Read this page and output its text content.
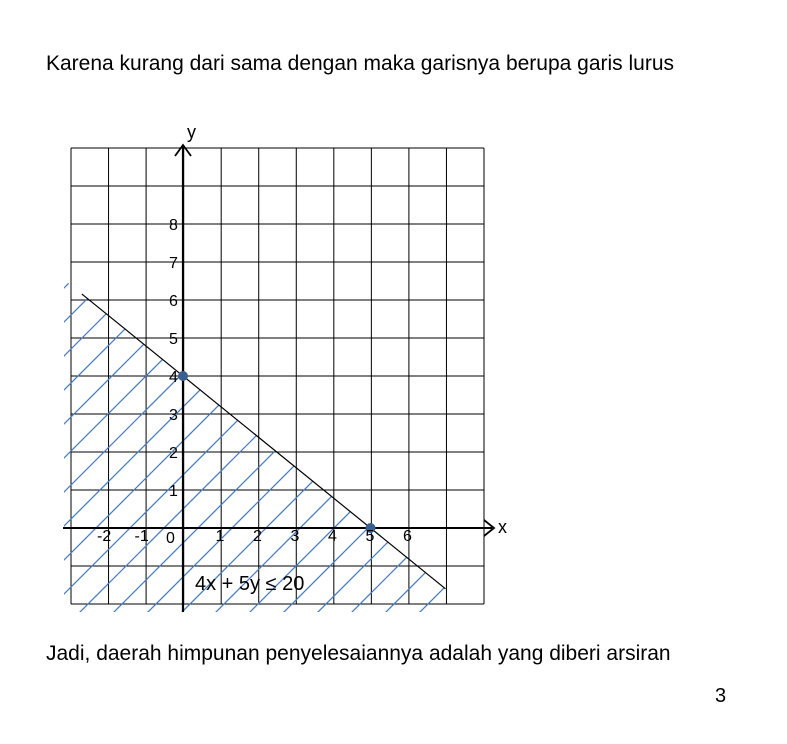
Karena kurang dari sama dengan maka garisnya berupa garis lurus
x
y
0
-2 -1	1 2 3 4 5 6
1
2
3
4
5
6
7
8
4x + 5y ≤ 20
Jadi, daerah himpunan penyelesaiannya adalah yang diberi arsiran
3
